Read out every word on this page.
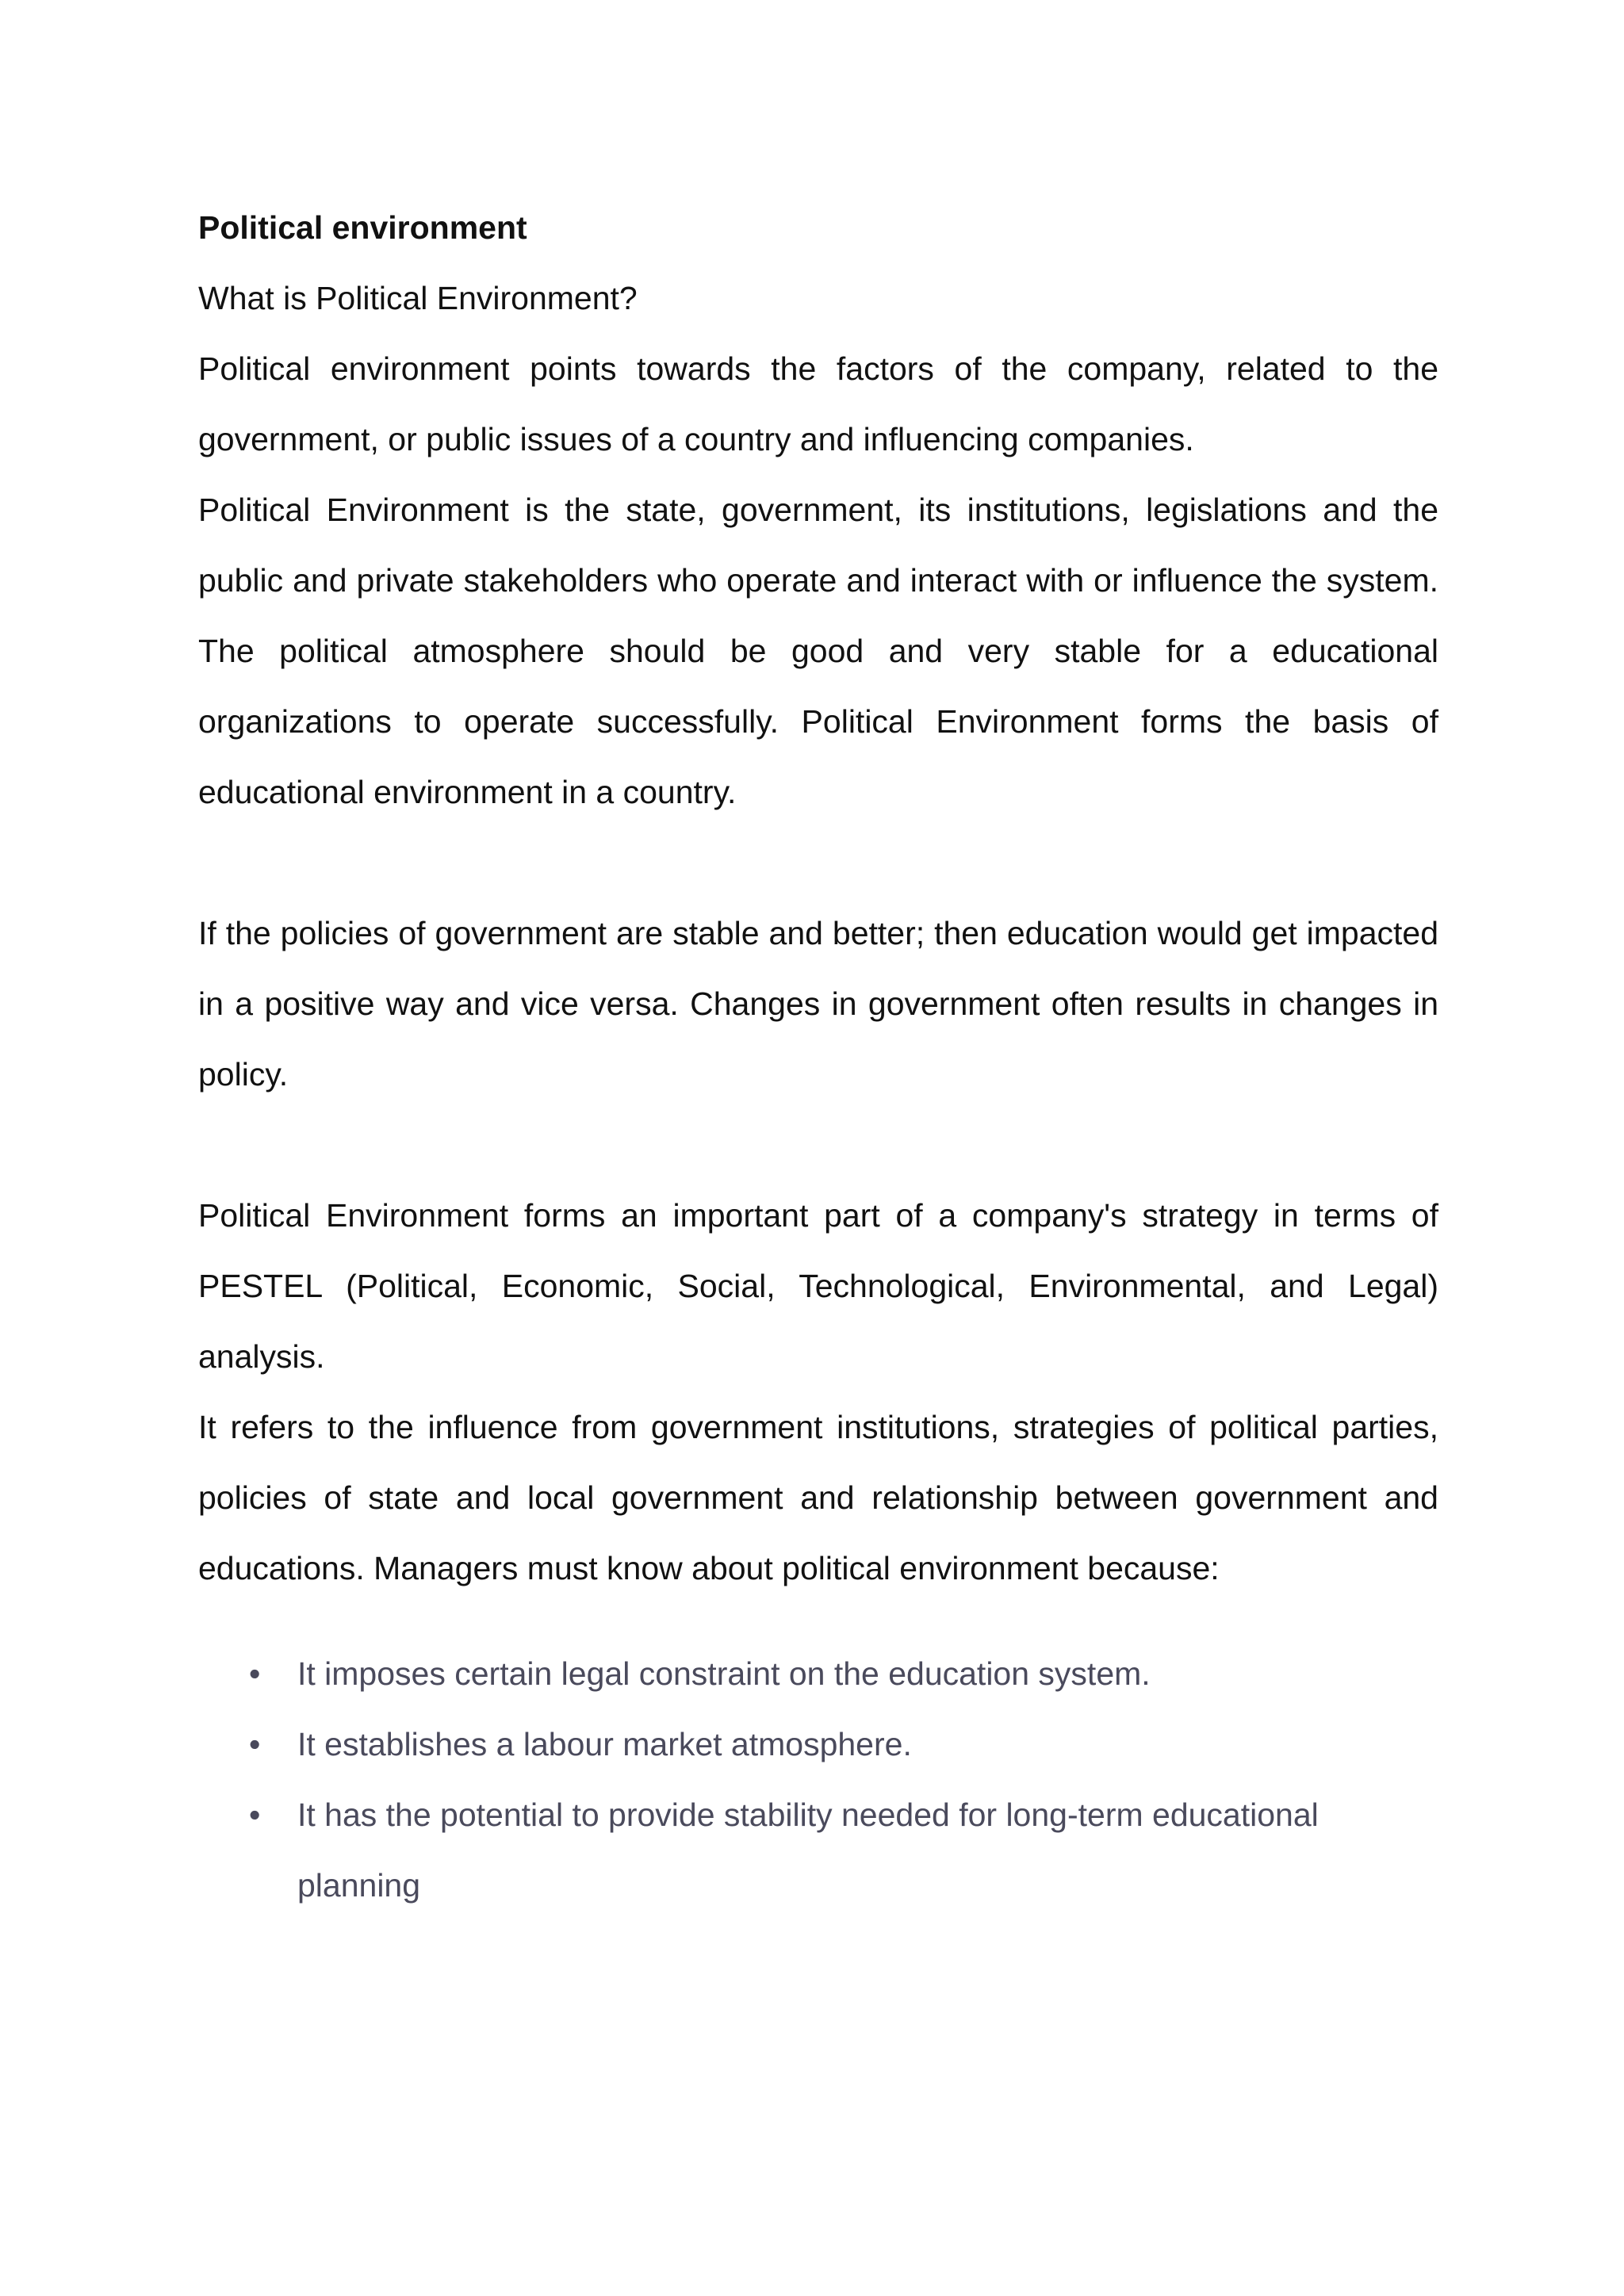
Political environment

What is Political Environment?

Political environment points towards the factors of the company, related to the government, or public issues of a country and influencing companies.

Political Environment is the state, government, its institutions, legislations and the public and private stakeholders who operate and interact with or influence the system. The political atmosphere should be good and very stable for a educational organizations to operate successfully. Political Environment forms the basis of educational environment in a country.

If the policies of government are stable and better; then education would get impacted in a positive way and vice versa. Changes in government often results in changes in policy.

Political Environment forms an important part of a company's strategy in terms of PESTEL (Political, Economic, Social, Technological, Environmental, and Legal) analysis.

It refers to the influence from government institutions, strategies of political parties, policies of state and local government and relationship between government and educations. Managers must know about political environment because:

• It imposes certain legal constraint on the education system.
• It establishes a labour market atmosphere.
• It has the potential to provide stability needed for long-term educational planning
